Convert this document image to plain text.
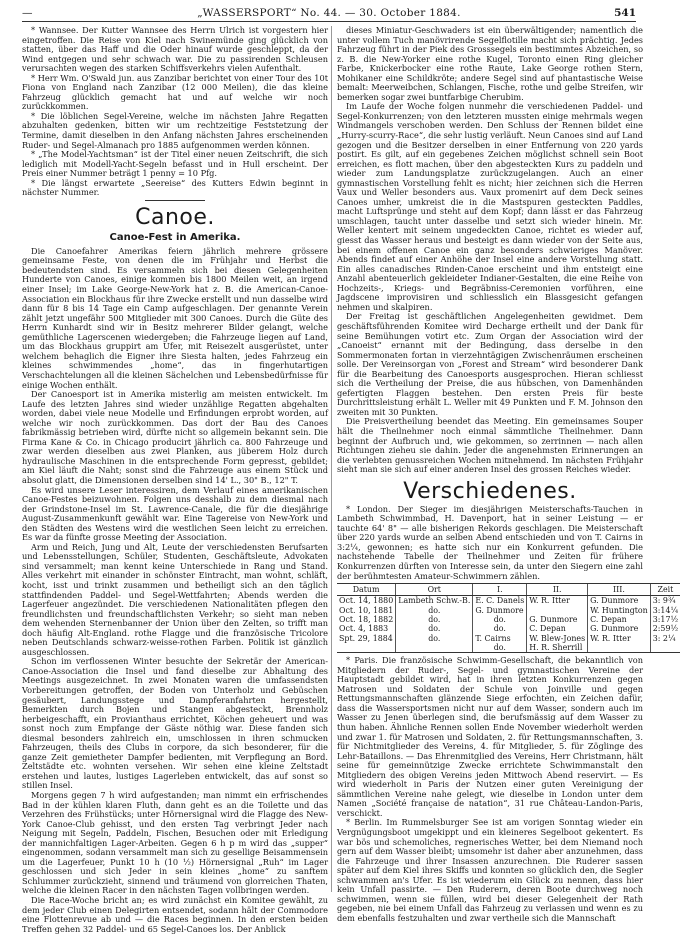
—	„WASSERSPORT“ No. 44. — 30. October 1884.	541

* Wannsee. Der Kutter Wannsee des Herrn Ulrich ist vorgestern hier eingetroffen. Die Reise von Kiel nach Swinemünde ging glücklich von statten, über das Haff und die Oder hinauf wurde geschleppt, da der Wind entgegen und sehr schwach war. Die zu passirenden Schleusen verursachten wegen des starken Schiffsverkehrs vielen Aufenthalt.

* Herr Wm. O'Swald jun. aus Zanzibar berichtet von einer Tour des 10t Fiona von England nach Zanzibar (12 000 Meilen), die das kleine Fahrzeug glücklich gemacht hat und auf welche wir noch zurückkommen.

* Die löblichen Segel-Vereine, welche im nächsten Jahre Regatten abzuhalten gedenken, bitten wir um rechtzeitige Feststetzung der Termine, damit dieselben in den Anfang nächsten Jahres erscheinenden Ruder- und Segel-Almanach pro 1885 aufgenommen werden können.

* „The Model-Yachtsman“ ist der Titel einer neuen Zeitschrift, die sich lediglich mit Modell-Yacht-Segeln befasst und in Hull erscheint. Der Preis einer Nummer beträgt 1 penny = 10 Pfg.

* Die längst erwartete „Seereise“ des Kutters Edwin beginnt in nächster Nummer.

Canoe.
Canoe-Fest in Amerika.

Die Canoefahrer Amerikas feiern jährlich mehrere grössere gemeinsame Feste, von denen die im Frühjahr und Herbst die bedeutendsten sind. Es versammeln sich bei diesen Gelegenheiten Hunderte von Canoes, einige kommen bis 1800 Meilen weit, an irgend einer Insel; im Lake George-New-York hat z. B. die American-Canoe-Association ein Blockhaus für ihre Zwecke erstellt und nun dasselbe wird dann für 8 bis 14 Tage ein Camp aufgeschlagen. Der genannte Verein zählt jetzt ungefähr 500 Mitglieder mit 300 Canoes. Durch die Güte des Herrn Kunhardt sind wir in Besitz mehrerer Bilder gelangt, welche gemüthliche Lagerscenen wiedergeben; die Fahrzeuge liegen auf Land, um das Blockhaus gruppirt am Ufer, mit Reisezelt ausgerüstet, unter welchem behaglich die Eigner ihre Siesta halten, jedes Fahrzeug ein kleines schwimmendes „home“, das in fingerhutartigen Verschachtelungen all die kleinen Sächelchen und Lebensbedürfnisse für einige Wochen enthält.

Der Canoesport ist in Amerika misterlig am meisten entwickelt. Im Laufe des letzten Jahres sind wieder unzählige Regatten abgehalten worden, dabei viele neue Modelle und Erfindungen erprobt worden, auf welche wir noch zurückkommen. Das dort der Bau des Canoes fabrikmässig betrieben wird, dürfte nicht so allgemein bekannt sein. Die Firma Kane & Co. in Chicago producirt jährlich ca. 800 Fahrzeuge und zwar werden dieselben aus zwei Planken, aus jüberem Holz durch hydraulische Maschinen in die entsprechende Form gepresst, gebildet; am Kiel läuft die Naht; sonst sind die Fahrzeuge aus einem Stück und absolut glatt, die Dimensionen derselben sind 14' L., 30" B., 12" T.

Es wird unsere Leser interessiren, dem Verlauf eines amerikanischen Canoe-Festes beizuwohnen. Folgen uns desshalb zu dem diesmal nach der Grindstone-Insel im St. Lawrence-Canale, die für die diesjährige August-Zusammenkunft gewählt war. Eine Tagereise von New-York und den Städten des Westens wird die westlichen Seen leicht zu erreichen. Es war da fünfte grosse Meeting der Association.

Arm und Reich, Jung und Alt, Leute der verschiedensten Berufsarten und Lebensstellungen, Schüler, Studenten, Geschäftsleute, Advokaten sind versammelt; man kennt keine Unterschiede in Rang und Stand. Alles verkehrt mit einander in schönster Eintracht, man wohnt, schläft, kocht, isst und trinkt zusammen und betheiligt sich an den täglich stattfindenden Paddel- und Segel-Wettfahrten; Abends werden die Lagerfeuer angezündet. Die verschiedenen Nationalitäten pflegen den freundlichsten und freundschaftlichsten Verkehr; so sieht man neben dem wehenden Sternenbanner der Union über den Zelten, so trifft man doch häufig Alt-England. rothe Flagge und die französische Tricolore neben Deutschlands schwarz-weisse-rothen Farben. Politik ist gänzlich ausgeschlossen.

Schon im verflossenen Winter besuchte der Sekretär der American-Canoe-Association die Insel und fand dieselbe zur Abhaltung des Meetings ausgezeichnet. In zwei Monaten waren die umfassendsten Vorbereitungen getroffen, der Boden von Unterholz und Gebüschen gesäubert, Landungsstege und Dampferanfahrten hergestellt, Bemerkten durch Bojen und Stangen abgesteckt, Brennholz herbeigeschafft, ein Provianthaus errichtet, Köchen geheuert und was sonst noch zum Empfange der Gäste nöthig war. Diese fanden sich diesmal besonders zahlreich ein, umschlossen in ihren schmucken Fahrzeugen, theils des Clubs in corpore, da sich besonderer, für die ganze Zeit gemietheter Dampfer bedienten, mit Verpflegung an Bord. Zeltstädte etc. wohnten versehen. Wir sehen eine kleine Zeltstadt erstehen und lautes, lustiges Lagerleben entwickelt, das auf sonst so stillen Insel.

Morgens gegen 7 h wird aufgestanden; man nimmt ein erfrischendes Bad in der kühlen klaren Fluth, dann geht es an die Toilette und das Verzehren des Frühstücks; unter Hörnersignal wird die Flagge des New-York Canoe-Club gehisst, und den ersten Tag verbringt Jeder nach Neigung mit Segeln, Paddeln, Fischen, Besuchen oder mit Erledigung der mannichfaltigen Lager-Arbeiten. Gegen 6 h p m wird das „supper“ eingenommen, sodann versammelt man sich zu gesellige Beisammensein um die Lagerfeuer, Punkt 10 h (10 ½) Hörnersignal „Ruh“ im Lager geschlossen und sich Jeder in sein kleines „home“ zu sanftem Schlummer zurückzieht, sinnend und träumend von glorreichen Thaten, welche die kleinen Racer in den nächsten Tagen vollbringen werden.

Die Race-Woche bricht an; es wird zunächst ein Komitee gewählt, zu dem jeder Club einen Delegirten entsendet, sodann hält der Commodore eine Flottenrevue ab und — die Races beginnen. In den ersten beiden Treffen gehen 32 Paddel- und 65 Segel-Canoes los. Der Anblick

dieses Miniatur-Geschwaders ist ein überwältigender; namentlich die unter vollem Tuch manövrirende Segelflotille macht sich prächtig. Jedes Fahrzeug führt in der Piek des Grosssegels ein bestimmtes Abzeichen, so z. B. die New-Yorker eine rothe Kugel, Toronto einen Ring gleicher Farbe, Knickerbocker eine rothe Raute, Lake George rothen Stern, Mohikaner eine Schildkröte; andere Segel sind auf phantastische Weise bemalt: Meerweibchen, Schlangen, Fische, rothe und gelbe Streifen, wir bemerken sogar zwei buntfarbige Cherubim.

Im Laufe der Woche folgen nunmehr die verschiedenen Paddel- und Segel-Konkurrenzen; von den letzteren mussten einige mehrmals wegen Windmangels verschoben werden. Den Schluss der Rennen bildet eine „Hurry-scurry-Race“, die sehr lustig verläuft. Neun Canoes sind auf Land gezogen und die Besitzer derselben in einer Entfernung von 220 yards postirt. Es gilt, auf ein gegebenes Zeichen möglichst schnell sein Boot erreichen, es flott machen, über den abgesteckten Kurs zu paddeln und wieder zum Landungsplatze zurückzugelangen. Auch an einer gymnastischen Vorstellung fehlt es nicht; hier zeichnen sich die Herren Vaux und Weller besonders aus. Vaux promenirt auf dem Deck seines Canoes umher, umkreist die in die Mastspuren gesteckten Paddles, macht Luftsprünge und steht auf dem Kopf; dann lässt er das Fahrzeug umschlagen, taucht unter dasselbe und setzt sich wieder hinein. Mr. Weller kentert mit seinem ungedeckten Canoe, richtet es wieder auf, giesst das Wasser heraus und besteigt es dann wieder von der Seite aus, bei einem offenen Canoe ein ganz besonders schwieriges Manöver. Abends findet auf einer Anhöhe der Insel eine andere Vorstellung statt. Ein alles canadisches Rinden-Canoe erscheint und ihm entsteigt eine Anzahl abenteuerlich gekleideter Indianer-Gestalten, die eine Reihe von Hochzeits-, Kriegs- und Begräbniss-Ceremonien vorführen, eine Jagdscene improvisiren und schliesslich ein Blassgesicht gefangen nehmen und skalpiren.

Der Freitag ist geschäftlichen Angelegenheiten gewidmet. Dem geschäftsführenden Komitee wird Decharge ertheilt und der Dank für seine Bemühungen votirt etc. Zum Organ der Association wird der „Canoeist“ ernannt mit der Bedingung, dass derselbe in den Sommermonaten fortan in vierzehntägigen Zwischenräumen erscheinen solle. Der Vereinsorgan von „Forest and Stream“ wird besonderer Dank für die Bearbeitung des Canoesports ausgesprochen. Hieran schliesst sich die Vertheilung der Preise, die aus hübschen, von Damenhänden gefertigten Flaggen bestehen. Den ersten Preis für beste Durchrittsleistung erhält L. Weller mit 49 Punkten und F. M. Johnson den zweiten mit 30 Punkten.

Die Preisvertheilung beendet das Meeting. Ein gemeinsames Souper hält die Theilnehmer noch einmal sämmtliche Theilnehmer. Dann beginnt der Aufbruch und, wie gekommen, so zerrinnen — nach allen Richtungen zieheu sie dahin. Jeder die angenehmsten Erinnerungen an die verlebten genussreichen Wochen mitnehmend. Im nächsten Frühjahr sieht man sie sich auf einer anderen Insel des grossen Reiches wieder.

Verschiedenes.

* London. Der Sieger im diesjährigen Meisterschafts-Tauchen in Lambeth Schwimmbad, H. Davenport, hat in seiner Leistung — er tauchte 64' 8" — alle bisherigen Rekords geschlagen. Die Meisterschaft über 220 yards wurde an selben Abend entschieden und von T. Cairns in 3:2¼, gewonnen; es hatte sich nur ein Konkurrent gefunden. Die nachstehende Tabelle der Theilnehmer und Zeiten für frühere Konkurrenzen dürften von Interesse sein, da unter den Siegern eine zahl der berühmtesten Amateur-Schwimmern zählen.

Datum	Ort	I.	II.	III.	Zeit
Oct. 14, 1880	Lambeth Schw.-B.	E. C. Danels	W. R. Itter	G. Dunmore	3: 9¾
Oct. 10, 1881	do.	G. Dunmore		W. Huntington	3:14¼
Oct. 18, 1882	do.	do.	G. Dunmore	C. Depan	3:17½
Oct. 4, 1883	do.	do.	C. Depan	G. Dunmore	2:59½
Spt. 29, 1884	do.	T. Cairns	W. Blew-Jones	W. R. Itter	3: 2¼
		do.	H. R. Sherrill		

* Paris. Die französische Schwimm-Gesellschaft, die bekanntlich von Mitgliedern der Ruder-, Segel- und gymnastischen Vereine der Hauptstadt gebildet wird, hat in ihren letzten Konkurrenzen gegen Matrosen und Soldaten der Schule von Joinville und gegen Rettungsmannschaften glänzende Siege erfochten, ein Zeichen dafür, dass die Wassersportsmen nicht nur auf dem Wasser, sondern auch im Wasser zu Jenen überlegen sind, die berufsmässig auf dem Wasser zu thun haben. Ähnliche Rennen sollen Ende November wiederholt werden und zwar 1. für Matrosen und Soldaten, 2. für Rettungsmannschaften, 3. für Nichtmitglieder des Vereins, 4. für Mitglieder, 5. für Zöglinge des Lehr-Bataillons. — Das Ehrenmitglied des Vereins, Herr Christmann, hält seine für gemeinnützige Zwecke errichtete Schwimmanstalt den Mitgliedern des obigen Vereins jeden Mittwoch Abend reservirt. — Es wird wiederholt in Paris der Nutzen einer guten Vereinigung der sämmtlichen Vereine nahe gelegt, wie dieselbe in London unter dem Namen „Société française de natation“, 31 rue Château-Landon-Paris, verschickt.

* Berlin. Im Rummelsburger See ist am vorigen Sonntag wieder ein Vergnügungsboot umgekippt und ein kleineres Segelboot gekentert. Es war bös und schemoliches, regnerisches Wetter, bei dem Niemand noch gern auf dem Wasser bleibt; umsomehr ist daher aber anzunehmen, dass die Fahrzeuge und ihrer Insassen anzurechnen. Die Ruderer sassen später auf dem Kiel ihres Skiffs und konnten so glücklich den, die Segler schwammen an's Ufer. Es ist wiederum ein Glück zu nennen, dass hier kein Unfall passirte. — Den Ruderern, deren Boote durchweg noch schwimmen, wenn sie füllen, wird bei dieser Gelegenheit der Rath gegeben, nie bei einem Unfall das Fahrzeug zu verlassen und wenn es zu dem ebenfalls festzuhalten und zwar vertheile sich die Mannschaft
